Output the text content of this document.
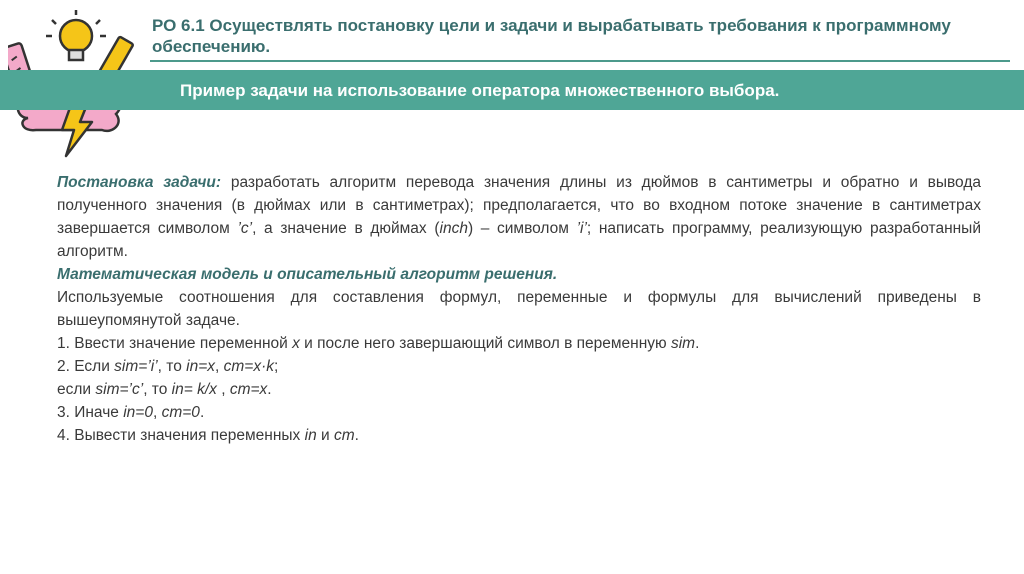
РО 6.1 Осуществлять постановку цели и задачи и вырабатывать требования к программному обеспечению.
Пример задачи на использование оператора множественного выбора.

Постановка задачи: разработать алгоритм перевода значения длины из дюймов в сантиметры и обратно и вывода полученного значения (в дюймах или в сантиметрах); предполагается, что во входном потоке значение в сантиметрах завершается символом ’c’, а значение в дюймах (inch) – символом ’i’; написать программу, реализующую разработанный алгоритм.

Математическая модель и описательный алгоритм решения.

Используемые соотношения для составления формул, переменные и формулы для вычислений приведены в вышеупомянутой задаче.

1. Ввести значение переменной x и после него завершающий символ в переменную sim.

2. Если sim=’i’, то in=x, cm=x·k;

если sim=’c’, то in= k/x , cm=x.

3. Иначе in=0, cm=0.

4. Вывести значения переменных in и cm.
